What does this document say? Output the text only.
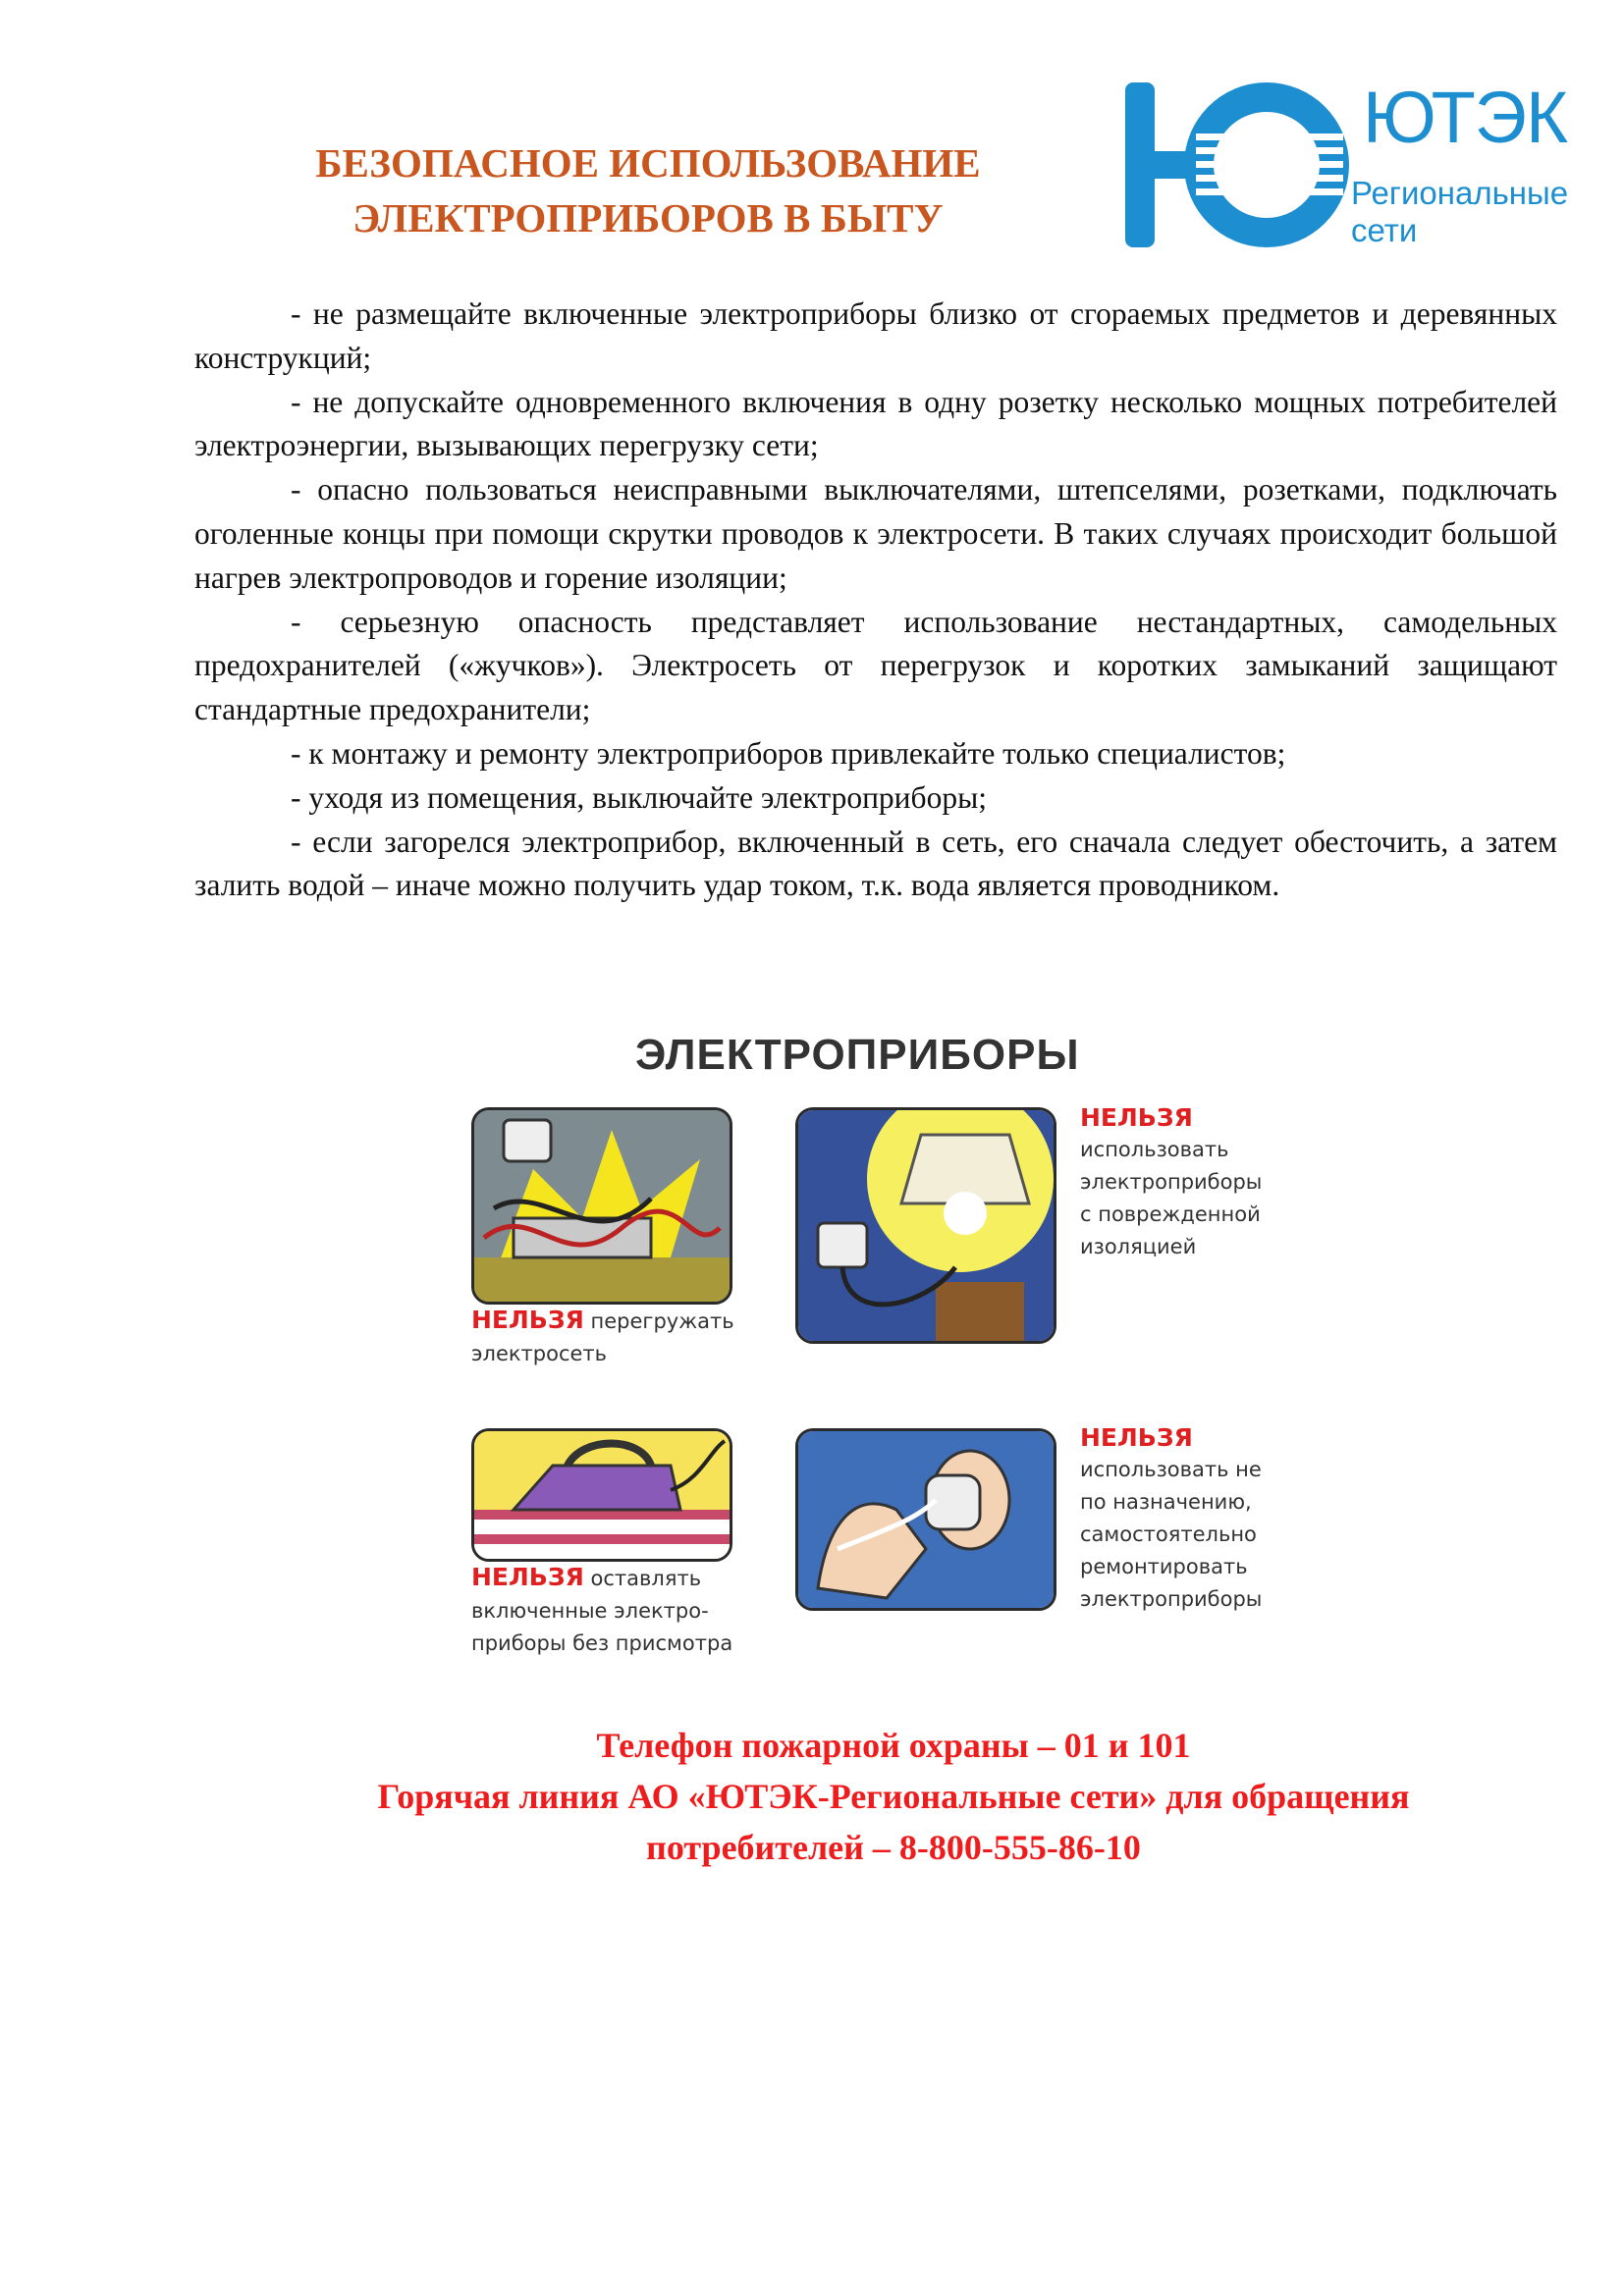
БЕЗОПАСНОЕ ИСПОЛЬЗОВАНИЕ
ЭЛЕКТРОПРИБОРОВ В БЫТУ
ЮТЭК
Региональные
сети

- не размещайте включенные электроприборы близко от сгораемых предметов и деревянных конструкций;

- не допускайте одновременного включения в одну розетку несколько мощных потребителей электроэнергии, вызывающих перегрузку сети;

- опасно пользоваться неисправными выключателями, штепселями, розетками, подключать оголенные концы при помощи скрутки проводов к электросети. В таких случаях происходит большой нагрев электропроводов и горение изоляции;

- серьезную опасность представляет использование нестандартных, самодельных предохранителей («жучков»). Электросеть от перегрузок и коротких замыканий защищают стандартные предохранители;

- к монтажу и ремонту электроприборов привлекайте только специалистов;

- уходя из помещения, выключайте электроприборы;

- если загорелся электроприбор, включенный в сеть, его сначала следует обесточить, а затем залить водой – иначе можно получить удар током, т.к. вода является проводником.

ЭЛЕКТРОПРИБОРЫ
НЕЛЬЗЯ перегружать
электросеть
НЕЛЬЗЯ
использовать
электроприборы
с поврежденной
изоляцией
НЕЛЬЗЯ оставлять
включенные электро-
приборы без присмотра
НЕЛЬЗЯ
использовать не
по назначению,
самостоятельно
ремонтировать
электроприборы
Телефон пожарной охраны – 01 и 101
Горячая линия АО «ЮТЭК-Региональные сети» для обращения
потребителей – 8-800-555-86-10
